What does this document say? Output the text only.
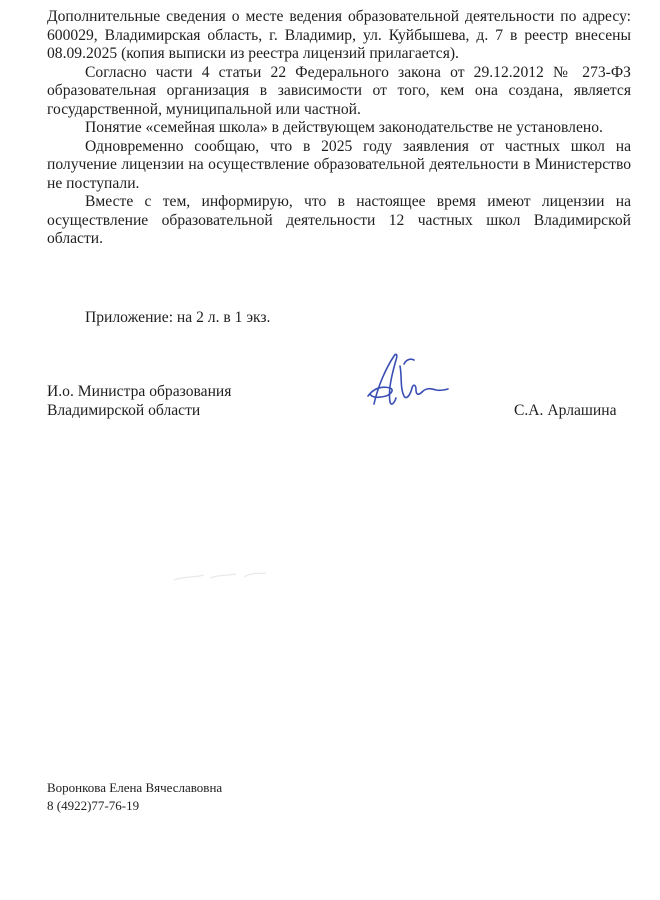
Дополнительные сведения о месте ведения образовательной деятельности по адресу: 600029, Владимирская область, г. Владимир, ул. Куйбышева, д. 7 в реестр внесены 08.09.2025 (копия выписки из реестра лицензий прилагается).

Согласно части 4 статьи 22 Федерального закона от 29.12.2012 № 273-ФЗ образовательная организация в зависимости от того, кем она создана, является государственной, муниципальной или частной.

Понятие «семейная школа» в действующем законодательстве не установлено.

Одновременно сообщаю, что в 2025 году заявления от частных школ на получение лицензии на осуществление образовательной деятельности в Министерство не поступали.

Вместе с тем, информирую, что в настоящее время имеют лицензии на осуществление образовательной деятельности 12 частных школ Владимирской области.

Приложение: на 2 л. в 1 экз.
И.о. Министра образования
Владимирской области	С.А. Арлашина
Воронкова Елена Вячеславовна
8 (4922)77-76-19
